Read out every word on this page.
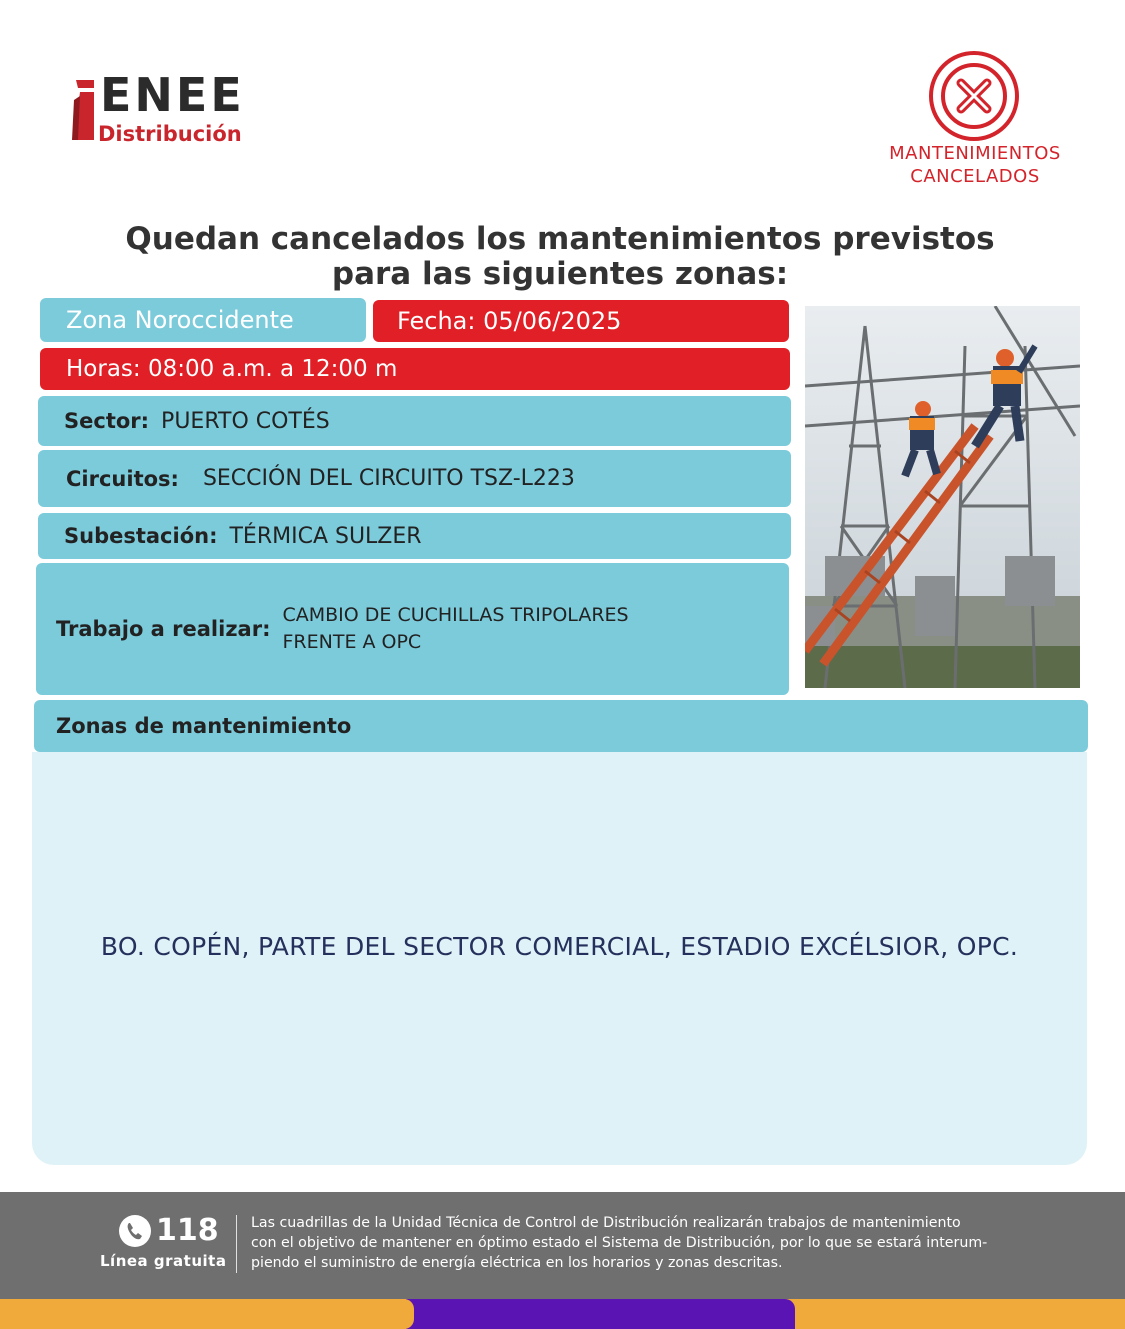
ENEE
Distribución
MANTENIMIENTOS
CANCELADOS
Quedan cancelados los mantenimientos previstos
para las siguientes zonas:
Zona Noroccidente	Fecha: 05/06/2025
Horas: 08:00 a.m. a 12:00 m
Sector: PUERTO COTÉS
Circuitos: SECCIÓN DEL CIRCUITO TSZ-L223
Subestación: TÉRMICA SULZER
Trabajo a realizar:
CAMBIO DE CUCHILLAS TRIPOLARES
FRENTE A OPC
Zonas de mantenimiento
BO. COPÉN, PARTE DEL SECTOR COMERCIAL, ESTADIO EXCÉLSIOR, OPC.
118
Línea gratuita
Las cuadrillas de la Unidad Técnica de Control de Distribución realizarán trabajos de mantenimiento
con el objetivo de mantener en óptimo estado el Sistema de Distribución, por lo que se estará interum-
piendo el suministro de energía eléctrica en los horarios y zonas descritas.
